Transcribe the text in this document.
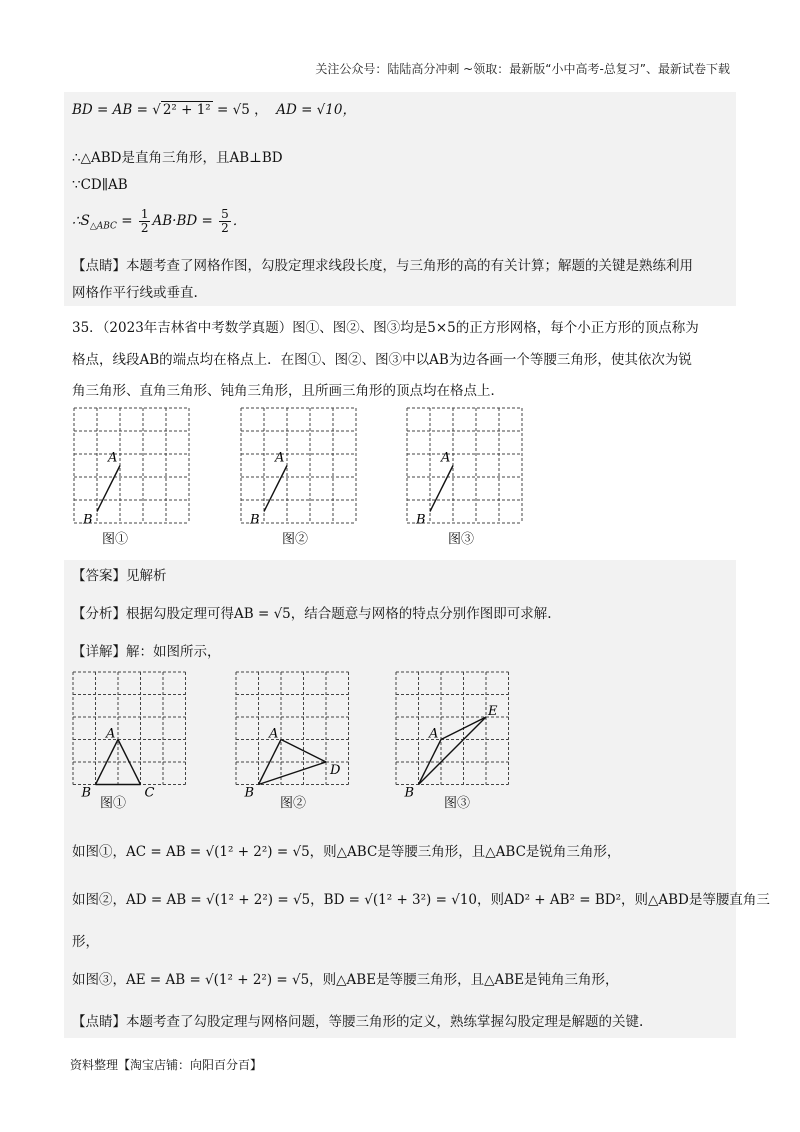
关注公众号：陆陆高分冲刺 ~领取：最新版“小中高考-总复习”、最新试卷下载
BD = AB = √ 2² + 1² = √5 ， AD = √10，
∴△ABD是直角三角形，且AB⊥BD
∵CD∥AB
$\therefore S_{\triangle ABC} = \frac{1}{2} AB\cdot BD = \frac{5}{2}$ ．
【点睛】本题考查了网格作图，勾股定理求线段长度，与三角形的高的有关计算；解题的关键是熟练利用
网格作平行线或垂直.
35．（2023年吉林省中考数学真题）图①、图②、图③均是5×5的正方形网格，每个小正方形的顶点称为
格点，线段AB的端点均在格点上．在图①、图②、图③中以AB为边各画一个等腰三角形，使其依次为锐
角三角形、直角三角形、钝角三角形，且所画三角形的顶点均在格点上．
A
B
A
B
A
B
图①	图②	图③
【答案】见解析
【分析】根据勾股定理可得AB = √5，结合题意与网格的特点分别作图即可求解.
【详解】解：如图所示，
A
B	C
A
B
D
A
B
E
图①	图②	图③
如图①，AC = AB = √(1² + 2²) = √5，则△ABC是等腰三角形，且△ABC是锐角三角形，
如图②，AD = AB = √(1² + 2²) = √5，BD = √(1² + 3²) = √10，则AD² + AB² = BD²，则△ABD是等腰直角三
形，
如图③，AE = AB = √(1² + 2²) = √5，则△ABE是等腰三角形，且△ABE是钝角三角形，
【点睛】本题考查了勾股定理与网格问题，等腰三角形的定义，熟练掌握勾股定理是解题的关键.
资料整理【淘宝店铺：向阳百分百】
